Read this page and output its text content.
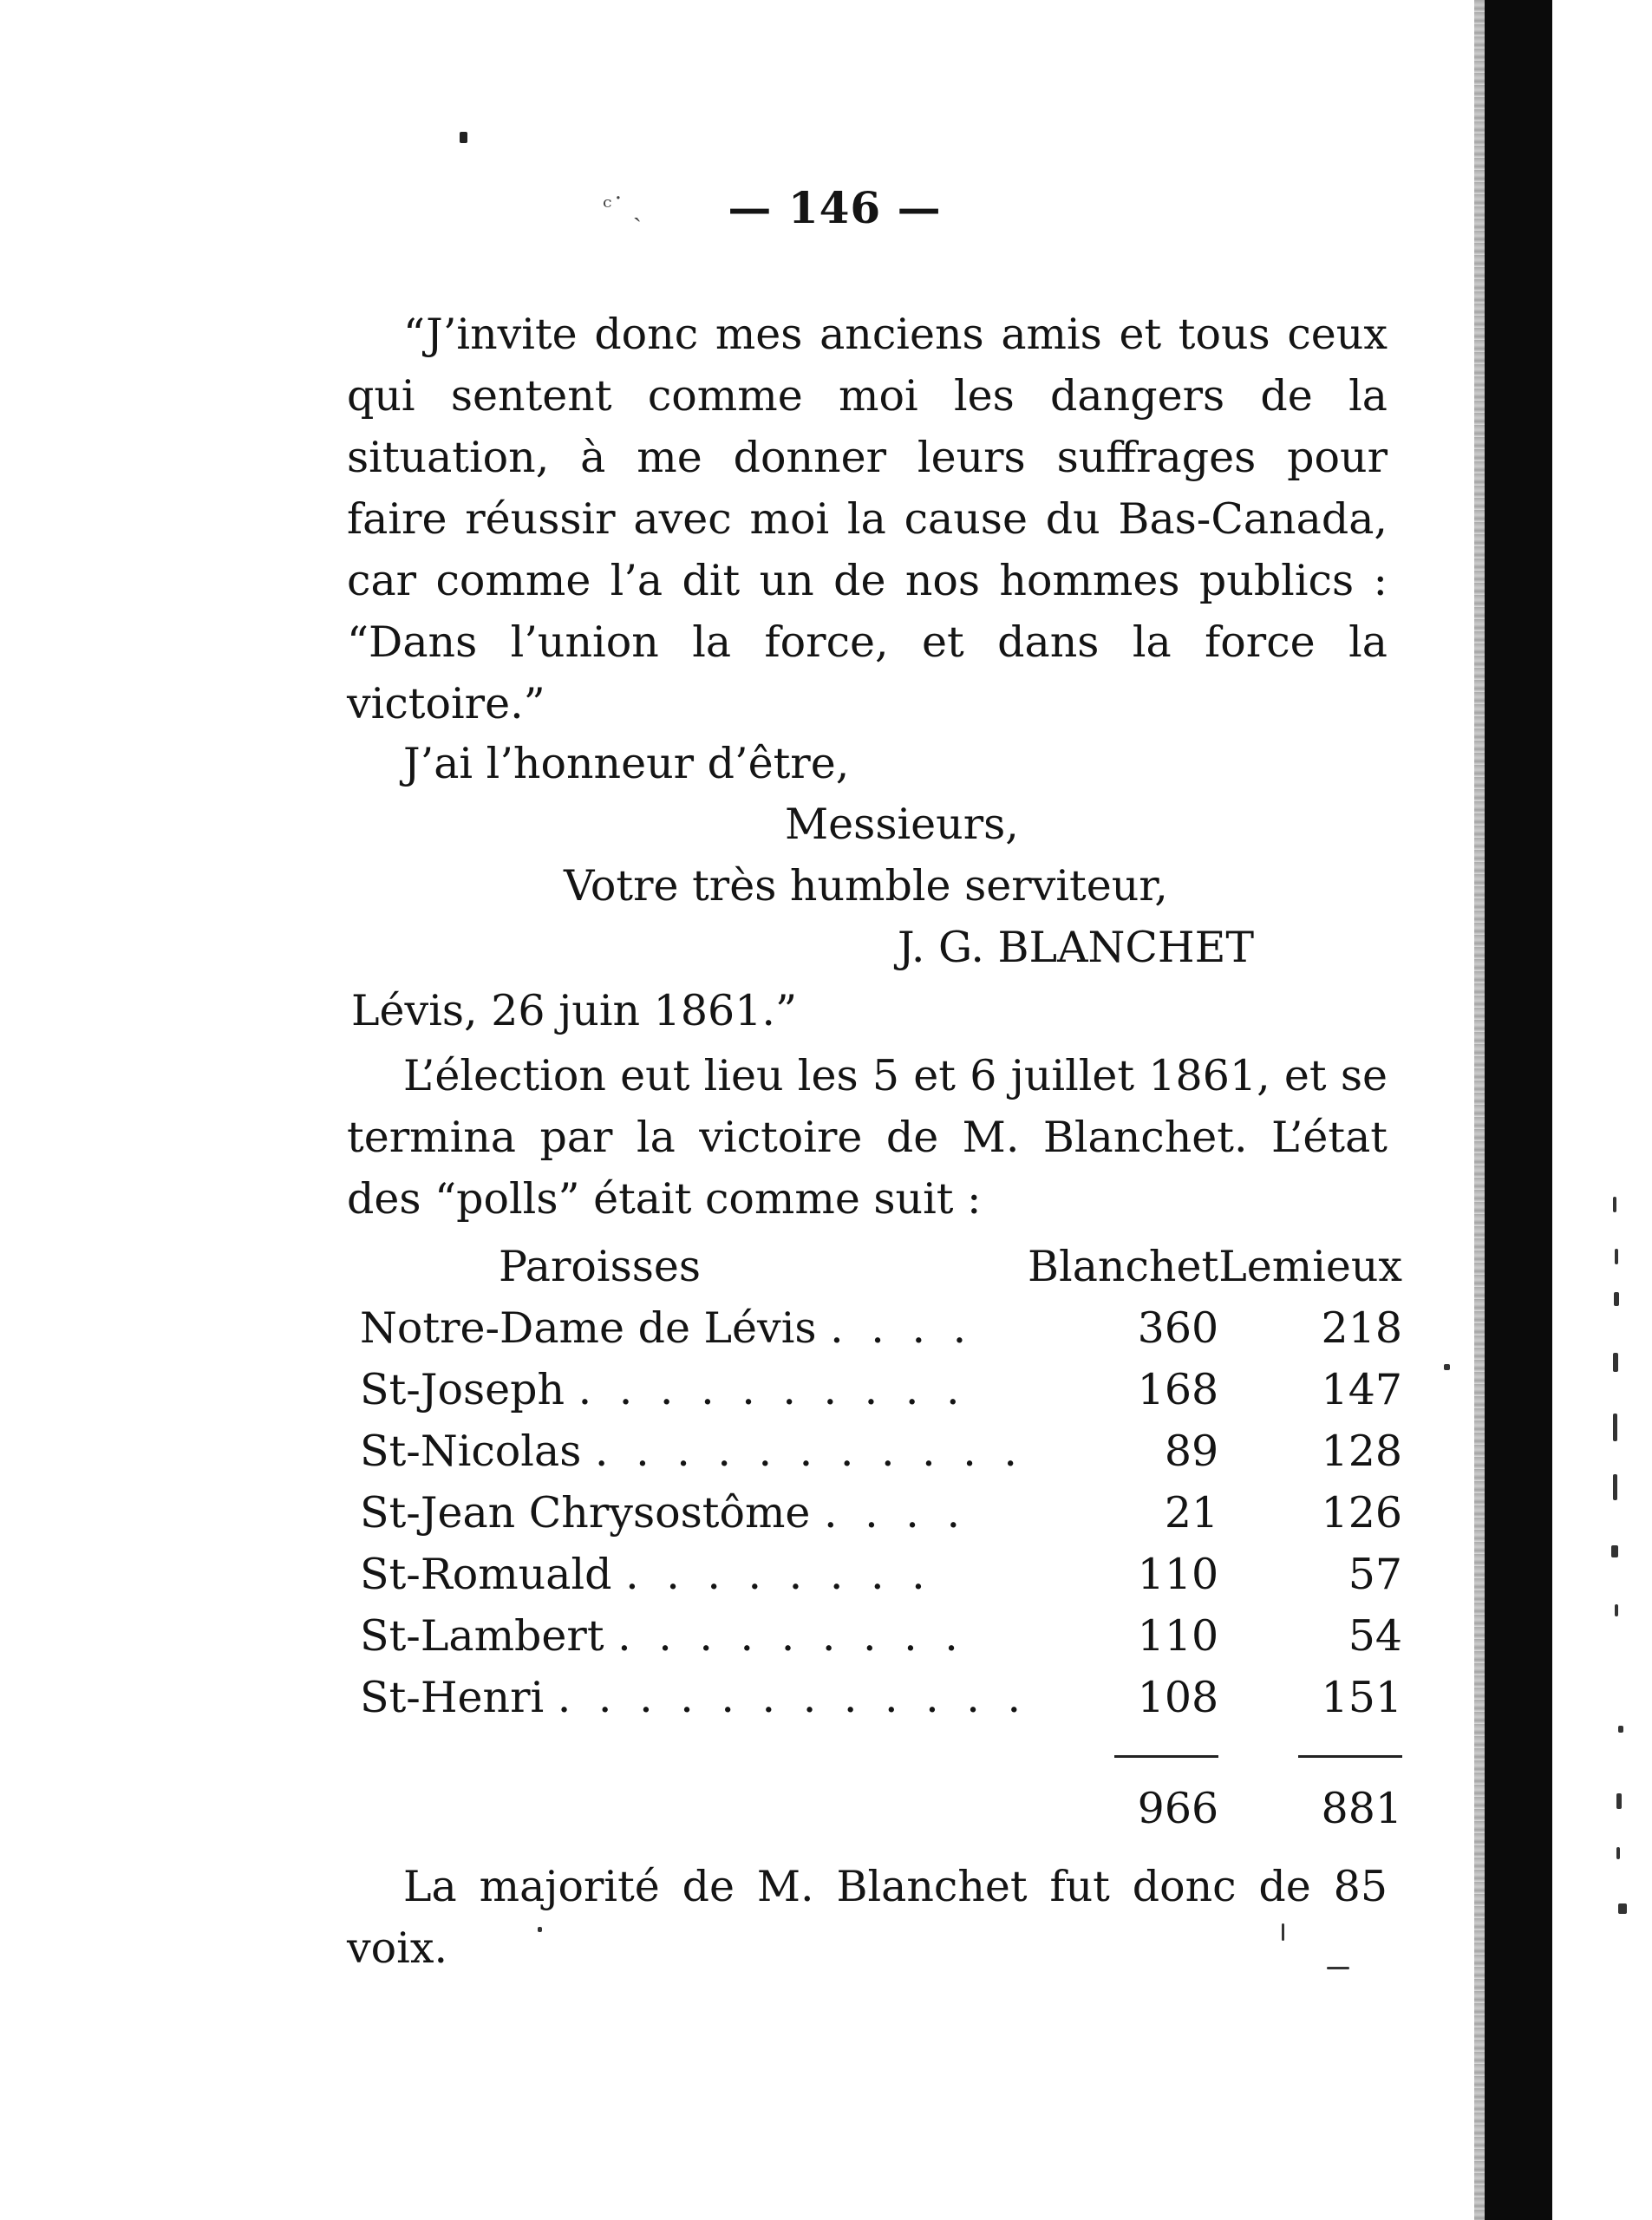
ᶜ˙ ˏ	— 146 —
“J’invite donc mes anciens amis et tous ceux qui sentent comme moi les dangers de la situation, à me donner leurs suffrages pour faire réussir avec moi la cause du Bas-Canada, car comme l’a dit un de nos hommes publics : “Dans l’union la force, et dans la force la victoire.”
J’ai l’honneur d’être,
Messieurs,
Votre très humble serviteur,
J. G. BLANCHET
Lévis, 26 juin 1861.”
L’élection eut lieu les 5 et 6 juillet 1861, et se termina par la victoire de M. Blanchet. L’état des “polls” était comme suit :
Paroisses	Blanchet	Lemieux
Notre-Dame de Lévis . . . .	360	218
St-Joseph . . . . . . . . . .	168	147
St-Nicolas . . . . . . . . . . .	89	128
St-Jean Chrysostôme . . . .	21	126
St-Romuald . . . . . . . .	110	57
St-Lambert . . . . . . . . .	110	54
St-Henri . . . . . . . . . . . .	108	151

	966	881
La majorité de M. Blanchet fut donc de 85 voix.
